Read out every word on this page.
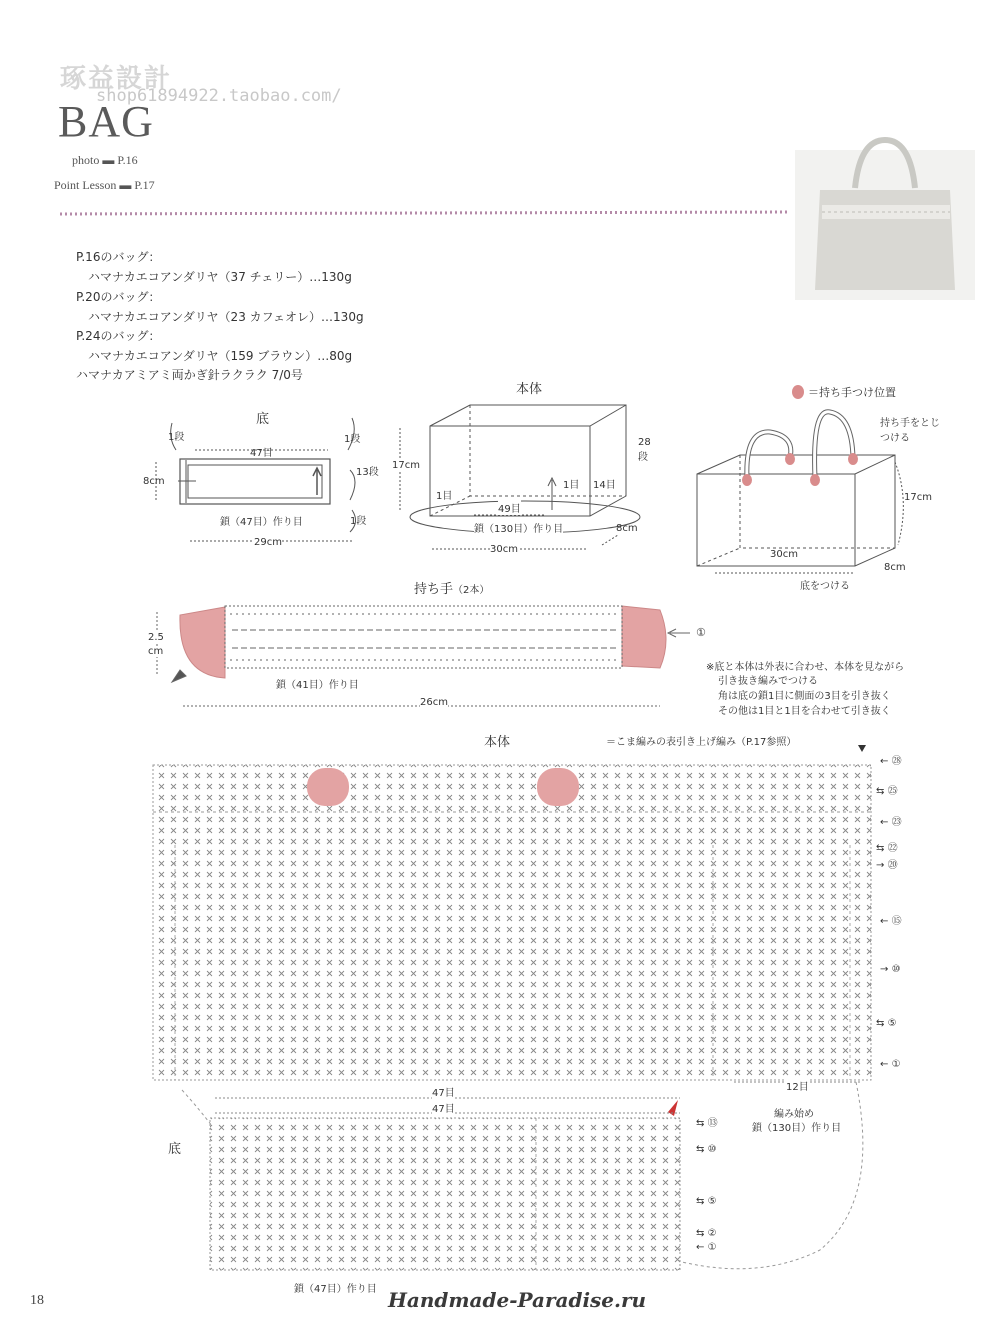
琢益設計
shop61894922.taobao.com/
BAG
photo ▬ P.16
Point Lesson ▬ P.17
P.16のバッグ：
ハマナカエコアンダリヤ（37 チェリー）…130g
P.20のバッグ：
ハマナカエコアンダリヤ（23 カフェオレ）…130g
P.24のバッグ：
ハマナカエコアンダリヤ（159 ブラウン）…80g
ハマナカアミアミ両かぎ針ラクラク 7/0号
底
1段	1段
47目
8cm
13段
1段
鎖（47目）作り目
29cm
本体
17cm
28段
49目
1目
1目 14目
鎖（130目）作り目
30cm
8cm
＝持ち手つけ位置
持ち手をとじ
つける
17cm
30cm
8cm
底をつける
持ち手（2本）
2.5
cm
鎖（41目）作り目
26cm
①
※底と本体は外表に合わせ、本体を見ながら
引き抜き編みでつける
角は底の鎖1目に側面の3目を引き抜く
その他は1目と1目を合わせて引き抜く
本体	＝こま編みの表引き上げ編み（P.17参照）
← ㉘
⇆ ㉕
← ㉓
⇆ ㉒
→ ⑳
← ⑮
→ ⑩
⇆ ⑤
← ①
47目
47目
12目
編み始め
鎖（130目）作り目
底
⇆ ⑬
⇆ ⑩
⇆ ⑤
⇆ ②
← ①
鎖（47目）作り目
18	Handmade-Paradise.ru
